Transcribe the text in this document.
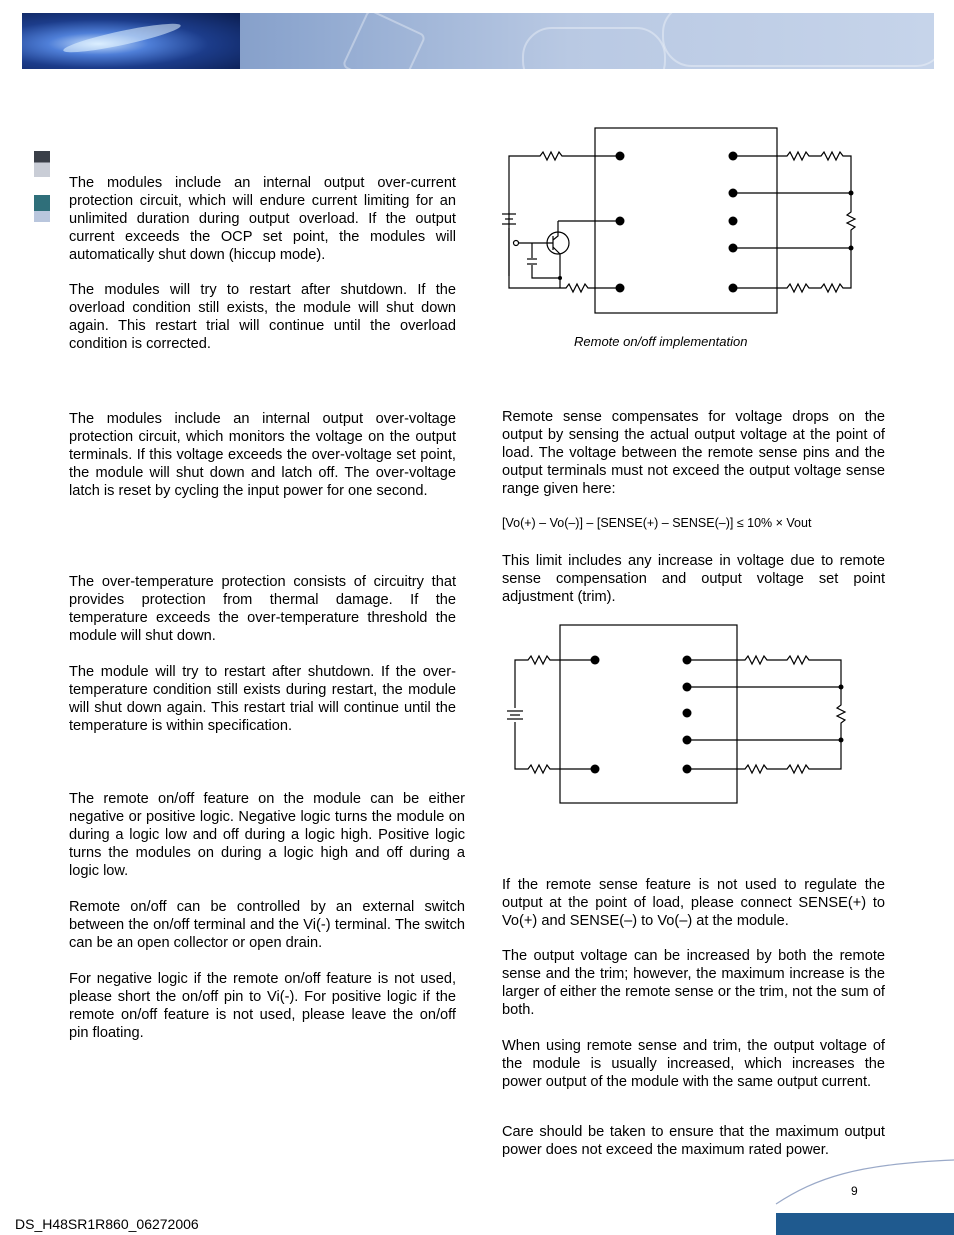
The modules include an internal output over-current protection circuit, which will endure current limiting for an unlimited duration during output overload. If the output current exceeds the OCP set point, the modules will automatically shut down (hiccup mode).

The modules will try to restart after shutdown. If the overload condition still exists, the module will shut down again. This restart trial will continue until the overload condition is corrected.

The modules include an internal output over-voltage protection circuit, which monitors the voltage on the output terminals. If this voltage exceeds the over-voltage set point, the module will shut down and latch off. The over-voltage latch is reset by cycling the input power for one second.

The over-temperature protection consists of circuitry that provides protection from thermal damage. If the temperature exceeds the over-temperature threshold the module will shut down.

The module will try to restart after shutdown. If the over-temperature condition still exists during restart, the module will shut down again. This restart trial will continue until the temperature is within specification.

The remote on/off feature on the module can be either negative or positive logic. Negative logic turns the module on during a logic low and off during a logic high. Positive logic turns the modules on during a logic high and off during a logic low.

Remote on/off can be controlled by an external switch between the on/off terminal and the Vi(-) terminal. The switch can be an open collector or open drain.

For negative logic if the remote on/off feature is not used, please short the on/off pin to Vi(-). For positive logic if the remote on/off feature is not used, please leave the on/off pin floating.

Remote on/off implementation

Remote sense compensates for voltage drops on the output by sensing the actual output voltage at the point of load. The voltage between the remote sense pins and the output terminals must not exceed the output voltage sense range given here:

[Vo(+) – Vo(–)] – [SENSE(+) – SENSE(–)] ≤ 10% × Vout

This limit includes any increase in voltage due to remote sense compensation and output voltage set point adjustment (trim).

If the remote sense feature is not used to regulate the output at the point of load, please connect SENSE(+) to Vo(+) and SENSE(–) to Vo(–) at the module.

The output voltage can be increased by both the remote sense and the trim; however, the maximum increase is the larger of either the remote sense or the trim, not the sum of both.

When using remote sense and trim, the output voltage of the module is usually increased, which increases the power output of the module with the same output current.

Care should be taken to ensure that the maximum output power does not exceed the maximum rated power.

9
DS_H48SR1R860_06272006
